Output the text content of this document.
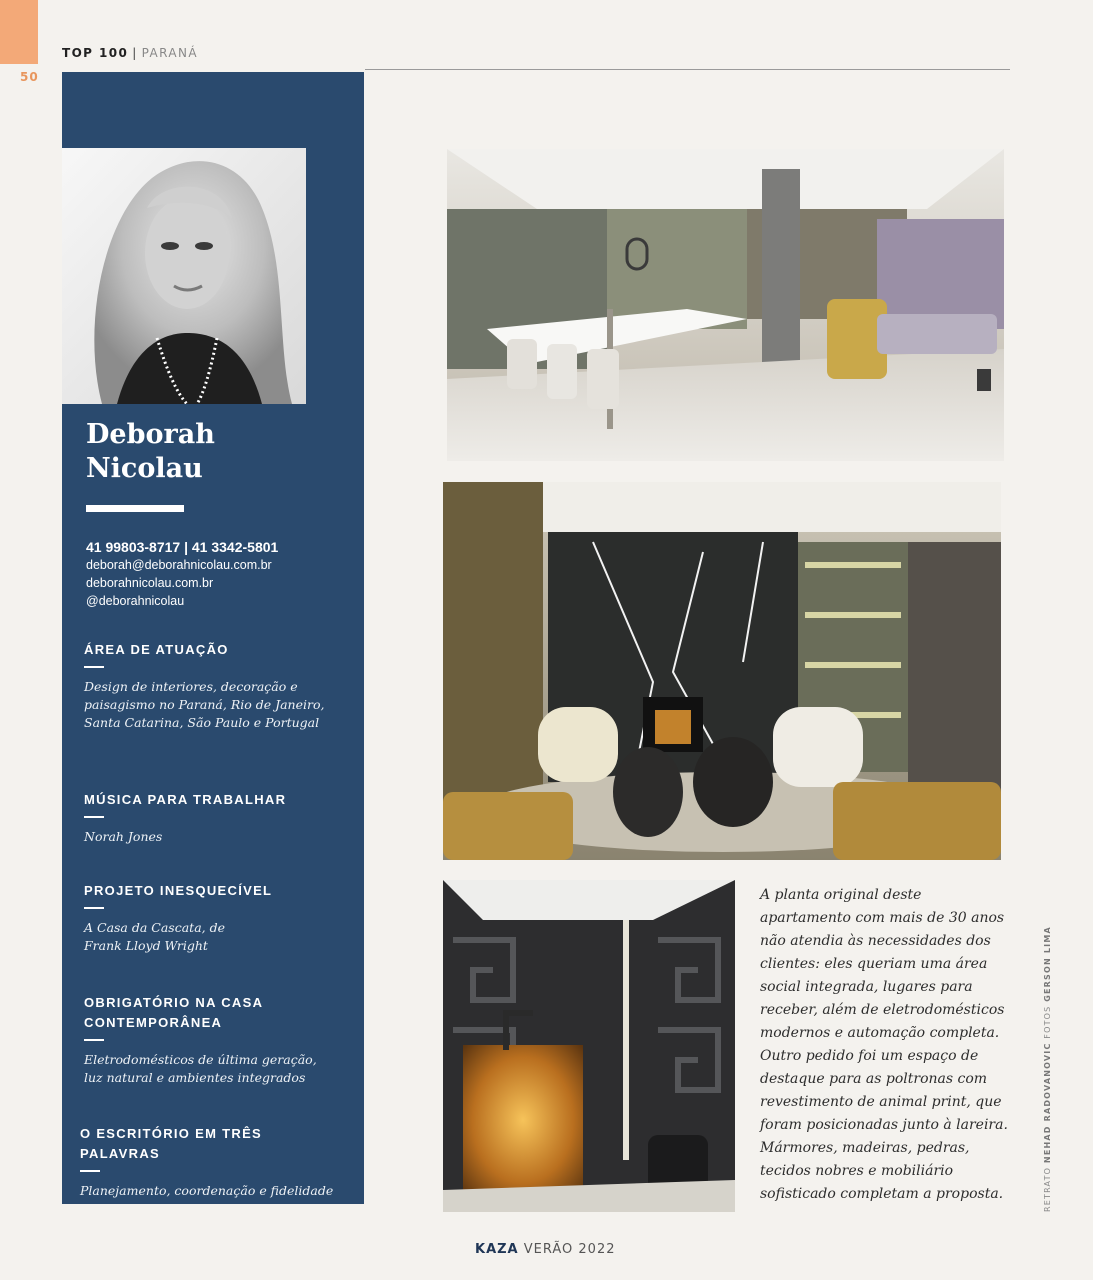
50
TOP 100 | PARANÁ
Deborah
Nicolau
41 99803-8717 | 41 3342-5801
deborah@deborahnicolau.com.br
deborahnicolau.com.br
@deborahnicolau
ÁREA DE ATUAÇÃO
Design de interiores, decoração e paisagismo no Paraná, Rio de Janeiro, Santa Catarina, São Paulo e Portugal
MÚSICA PARA TRABALHAR
Norah Jones
PROJETO INESQUECÍVEL
A Casa da Cascata, de Frank Lloyd Wright
OBRIGATÓRIO NA CASA CONTEMPORÂNEA
Eletrodomésticos de última geração, luz natural e ambientes integrados
O ESCRITÓRIO EM TRÊS PALAVRAS
Planejamento, coordenação e fidelidade
A planta original deste apartamento com mais de 30 anos não atendia às necessidades dos clientes: eles queriam uma área social integrada, lugares para receber, além de eletrodomésticos modernos e automação completa. Outro pedido foi um espaço de destaque para as poltronas com revestimento de animal print, que foram posicionadas junto à lareira. Mármores, madeiras, pedras, tecidos nobres e mobiliário sofisticado completam a proposta.	RETRATO NEHAD RADOVANOVIC FOTOS GERSON LIMA
KAZA VERÃO 2022
